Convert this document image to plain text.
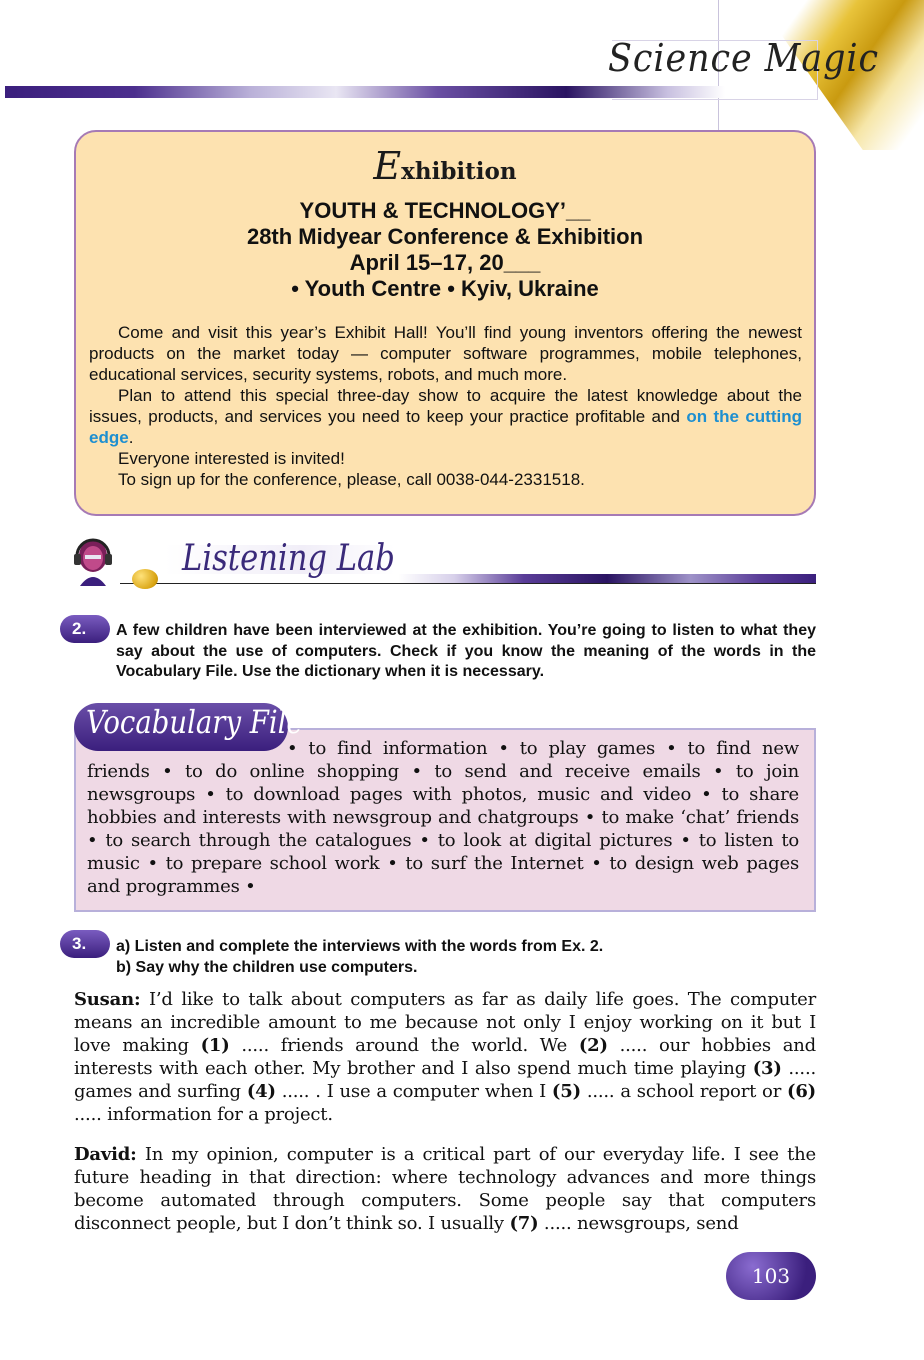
Science Magic
Exhibition
YOUTH & TECHNOLOGY’__
28th Midyear Conference & Exhibition
April 15–17, 20___
• Youth Centre • Kyiv, Ukraine

Come and visit this year’s Exhibit Hall! You’ll find young inventors offering the newest products on the market today — computer software programmes, mobile telephones, educational services, security systems, robots, and much more.

Plan to attend this special three-day show to acquire the latest knowledge about the issues, products, and services you need to keep your practice profitable and on the cutting edge.

Everyone interested is invited!

To sign up for the conference, please, call 0038-044-2331518.

Listening Lab
2.	A few children have been interviewed at the exhibition. You’re going to listen to what they say about the use of computers. Check if you know the meaning of the words in the Vocabulary File. Use the dictionary when it is necessary.
Vocabulary File
• to find information • to play games • to find new friends • to do online shopping • to send and receive emails • to join newsgroups • to download pages with photos, music and video • to share hobbies and interests with newsgroup and chatgroups • to make ‘chat’ friends • to search through the catalogues • to look at digital pictures • to listen to music • to prepare school work • to surf the Internet • to design web pages and programmes •
3.	a) Listen and complete the interviews with the words from Ex. 2.
b) Say why the children use computers.
Susan: I’d like to talk about computers as far as daily life goes. The computer means an incredible amount to me because not only I enjoy working on it but I love making (1) ..... friends around the world. We (2) ..... our hobbies and interests with each other. My brother and I also spend much time playing (3) ..... games and surfing (4) ..... . I use a computer when I (5) ..... a school report or (6) ..... information for a project.
David: In my opinion, computer is a critical part of our everyday life. I see the future heading in that direction: where technology advances and more things become automated through computers. Some people say that computers disconnect people, but I don’t think so. I usually (7) ..... newsgroups, send
103
